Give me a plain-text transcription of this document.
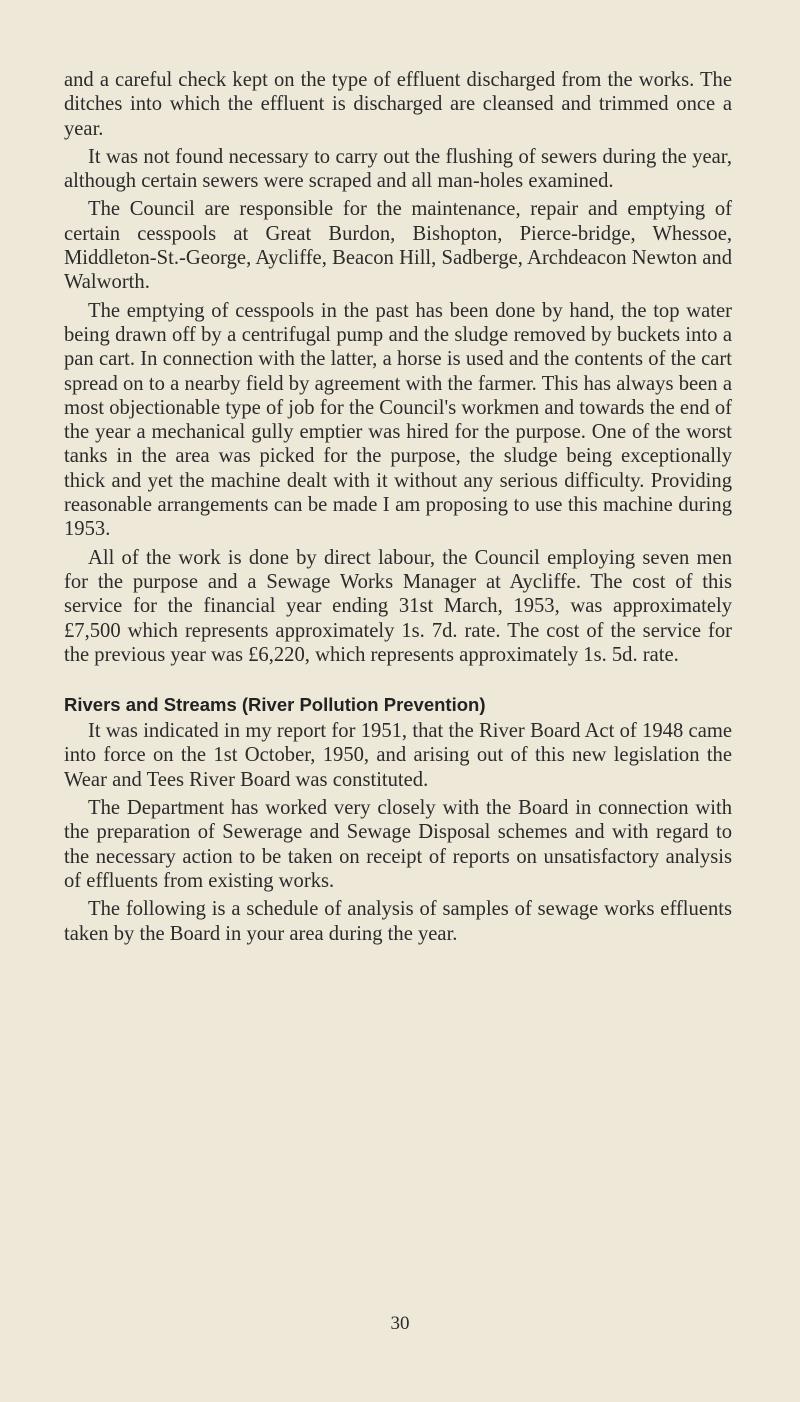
and a careful check kept on the type of effluent discharged from the works. The ditches into which the effluent is discharged are cleansed and trimmed once a year.

It was not found necessary to carry out the flushing of sewers during the year, although certain sewers were scraped and all man-holes examined.

The Council are responsible for the maintenance, repair and emptying of certain cesspools at Great Burdon, Bishopton, Pierce-bridge, Whessoe, Middleton-St.-George, Aycliffe, Beacon Hill, Sadberge, Archdeacon Newton and Walworth.

The emptying of cesspools in the past has been done by hand, the top water being drawn off by a centrifugal pump and the sludge removed by buckets into a pan cart. In connection with the latter, a horse is used and the contents of the cart spread on to a nearby field by agreement with the farmer. This has always been a most objectionable type of job for the Council's workmen and towards the end of the year a mechanical gully emptier was hired for the purpose. One of the worst tanks in the area was picked for the purpose, the sludge being exceptionally thick and yet the machine dealt with it without any serious difficulty. Providing reasonable arrangements can be made I am proposing to use this machine during 1953.

All of the work is done by direct labour, the Council employing seven men for the purpose and a Sewage Works Manager at Aycliffe. The cost of this service for the financial year ending 31st March, 1953, was approximately £7,500 which represents approximately 1s. 7d. rate. The cost of the service for the previous year was £6,220, which represents approximately 1s. 5d. rate.

Rivers and Streams (River Pollution Prevention)

It was indicated in my report for 1951, that the River Board Act of 1948 came into force on the 1st October, 1950, and arising out of this new legislation the Wear and Tees River Board was constituted.

The Department has worked very closely with the Board in connection with the preparation of Sewerage and Sewage Disposal schemes and with regard to the necessary action to be taken on receipt of reports on unsatisfactory analysis of effluents from existing works.

The following is a schedule of analysis of samples of sewage works effluents taken by the Board in your area during the year.

30
